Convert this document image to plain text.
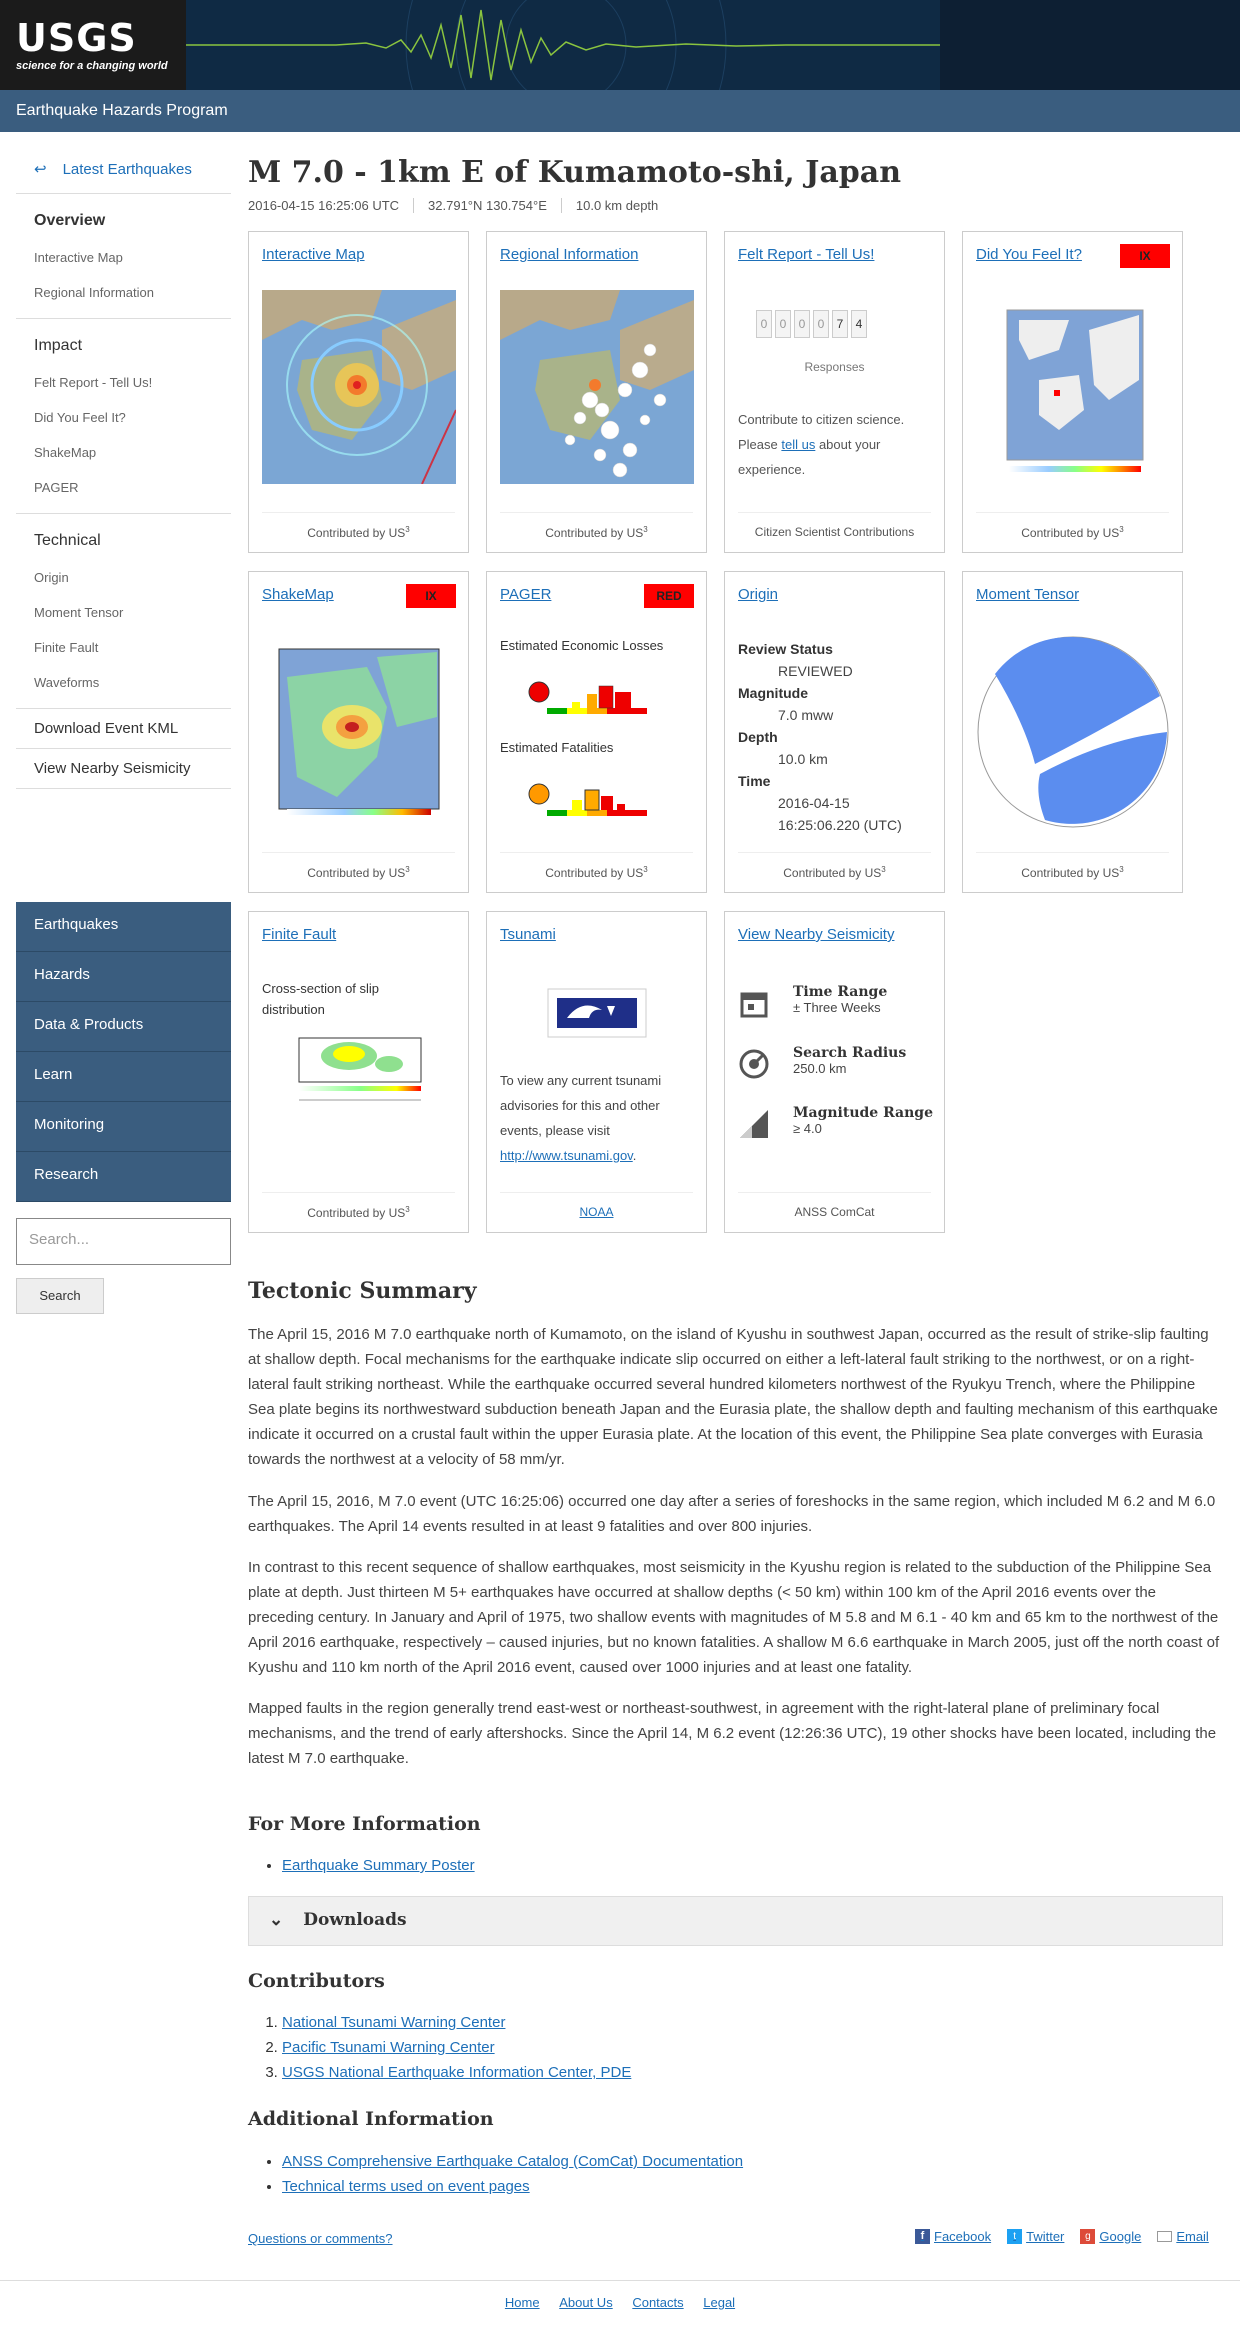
USGS
science for a changing world
Earthquake Hazards Program
↩ Latest Earthquakes
Overview
Interactive Map
Regional Information
Impact
Felt Report - Tell Us!
Did You Feel It?
ShakeMap
PAGER
Technical
Origin
Moment Tensor
Finite Fault
Waveforms
Download Event KML
View Nearby Seismicity
Earthquakes
Hazards
Data & Products
Learn
Monitoring
Research
Search...
Search
M 7.0 - 1km E of Kumamoto-shi, Japan
2016-04-15 16:25:06 UTC	32.791°N 130.754°E	10.0 km depth
Interactive Map
Contributed by $US^3$
Regional Information
Contributed by $US^3$
Felt Report - Tell Us!
0	0	0	0	7	4
Responses
Contribute to citizen science.
Please tell us about your
experience.
Citizen Scientist Contributions
Did You Feel It?	IX
Contributed by $US^3$
ShakeMap	IX
Contributed by $US^3$
PAGER	RED
Estimated Economic Losses
Estimated Fatalities
Contributed by $US^3$
Origin
Review Status
REVIEWED
Magnitude
7.0 mww
Depth
10.0 km
Time
2016-04-15
16:25:06.220 (UTC)
Contributed by $US^3$
Moment Tensor
Contributed by $US^3$
Finite Fault
Cross-section of slip distribution
Contributed by $US^3$
Tsunami
To view any current tsunami advisories for this and other events, please visit http://www.tsunami.gov.
NOAA
View Nearby Seismicity
Time Range
± Three Weeks
Search Radius
250.0 km
Magnitude Range
≥ 4.0
ANSS ComCat
Tectonic Summary

The April 15, 2016 M 7.0 earthquake north of Kumamoto, on the island of Kyushu in southwest Japan, occurred as the result of strike-slip faulting at shallow depth. Focal mechanisms for the earthquake indicate slip occurred on either a left-lateral fault striking to the northwest, or on a right-lateral fault striking northeast. While the earthquake occurred several hundred kilometers northwest of the Ryukyu Trench, where the Philippine Sea plate begins its northwestward subduction beneath Japan and the Eurasia plate, the shallow depth and faulting mechanism of this earthquake indicate it occurred on a crustal fault within the upper Eurasia plate. At the location of this event, the Philippine Sea plate converges with Eurasia towards the northwest at a velocity of 58 mm/yr.

The April 15, 2016, M 7.0 event (UTC 16:25:06) occurred one day after a series of foreshocks in the same region, which included M 6.2 and M 6.0 earthquakes. The April 14 events resulted in at least 9 fatalities and over 800 injuries.

In contrast to this recent sequence of shallow earthquakes, most seismicity in the Kyushu region is related to the subduction of the Philippine Sea plate at depth. Just thirteen M 5+ earthquakes have occurred at shallow depths (< 50 km) within 100 km of the April 2016 events over the preceding century. In January and April of 1975, two shallow events with magnitudes of M 5.8 and M 6.1 - 40 km and 65 km to the northwest of the April 2016 earthquake, respectively – caused injuries, but no known fatalities. A shallow M 6.6 earthquake in March 2005, just off the north coast of Kyushu and 110 km north of the April 2016 event, caused over 1000 injuries and at least one fatality.

Mapped faults in the region generally trend east-west or northeast-southwest, in agreement with the right-lateral plane of preliminary focal mechanisms, and the trend of early aftershocks. Since the April 14, M 6.2 event (12:26:36 UTC), 19 other shocks have been located, including the latest M 7.0 earthquake.

For More Information
• Earthquake Summary Poster
⌄ Downloads
Contributors
1. National Tsunami Warning Center
2. Pacific Tsunami Warning Center
3. USGS National Earthquake Information Center, PDE
Additional Information
• ANSS Comprehensive Earthquake Catalog (ComCat) Documentation
• Technical terms used on event pages
Questions or comments?	f Facebook	t Twitter	g Google	Email
Home About Us Contacts Legal
